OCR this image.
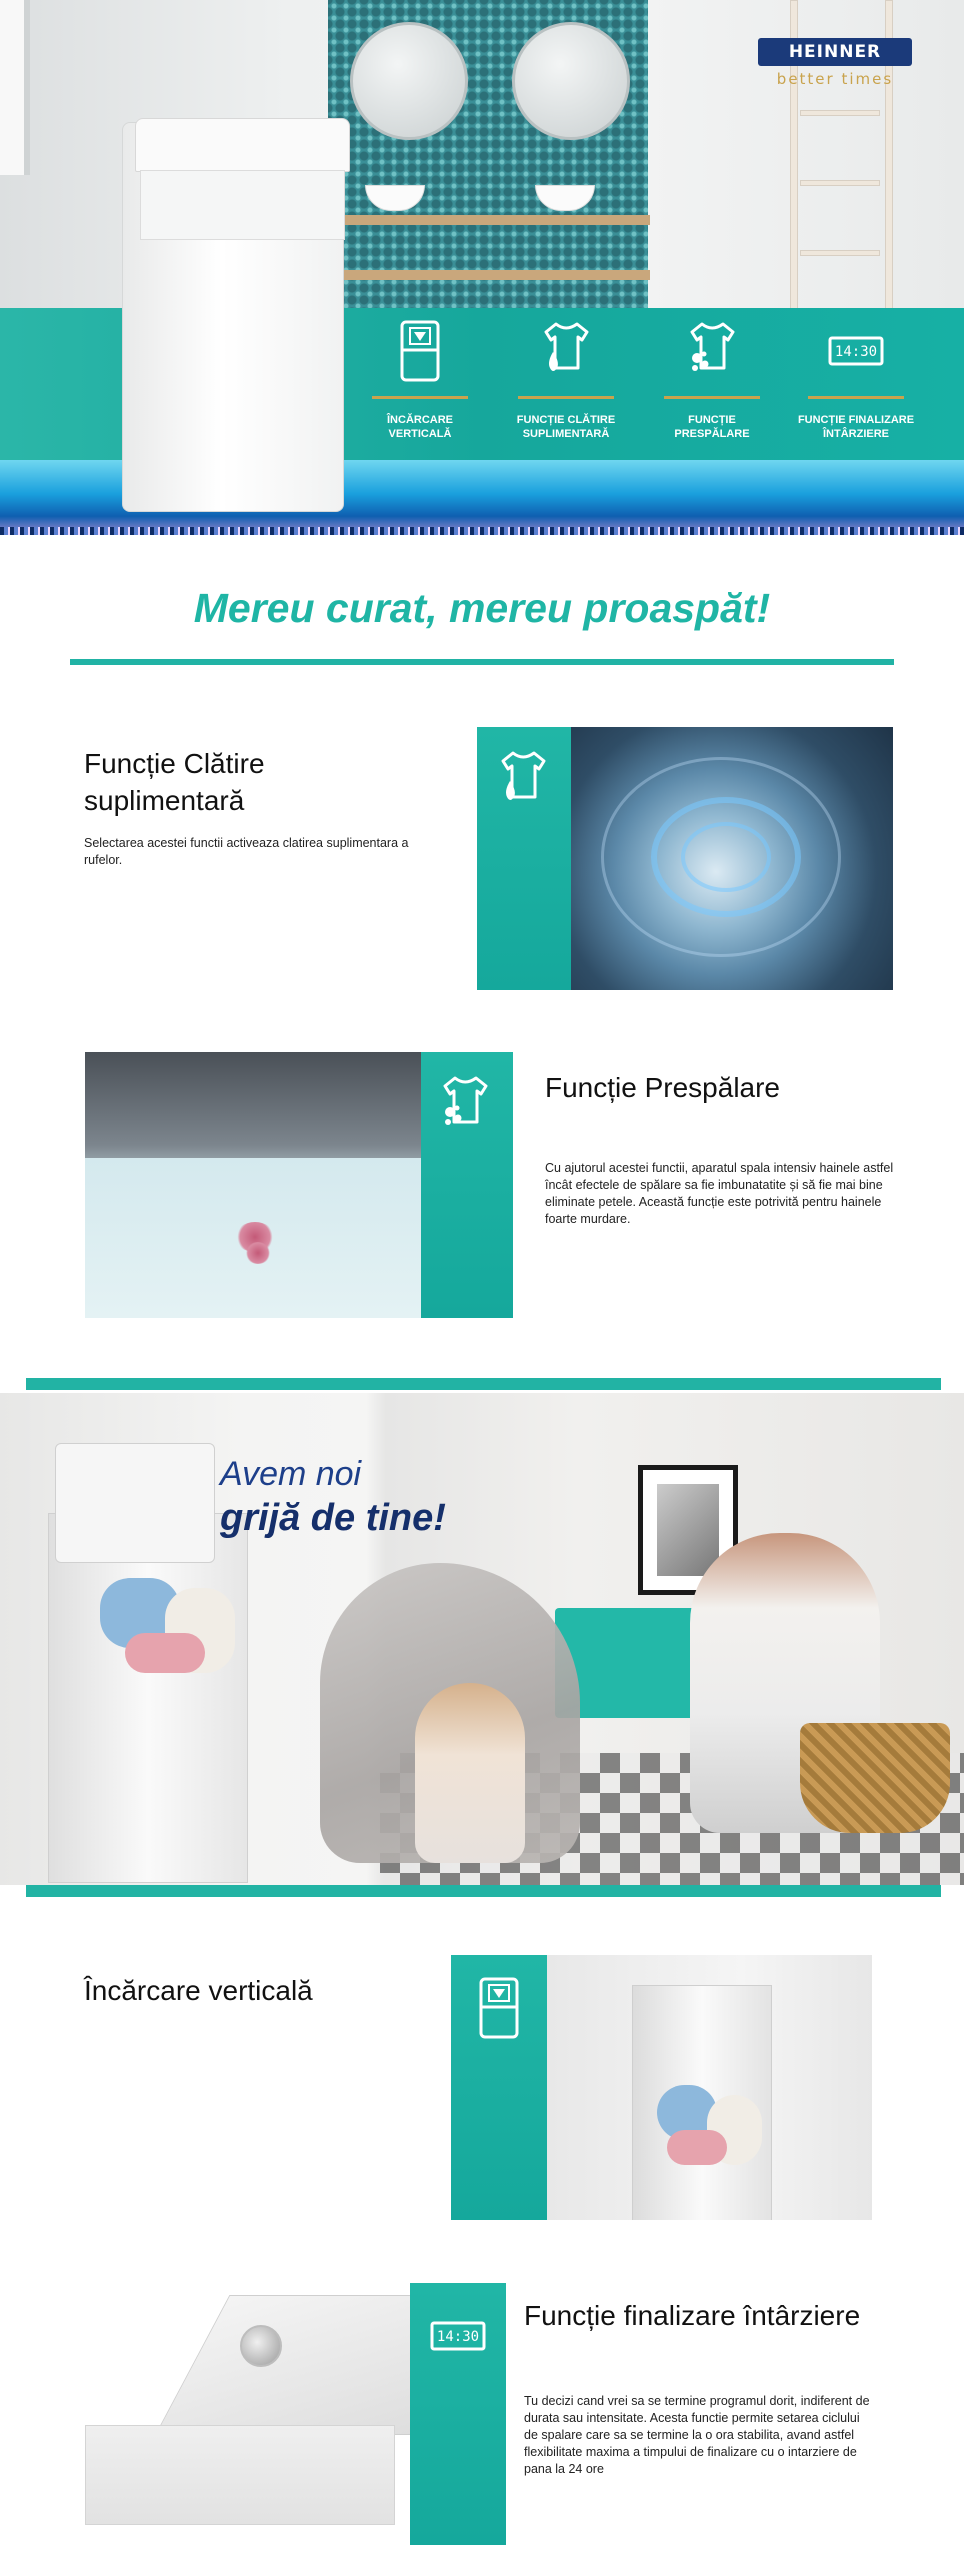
HEINNER
better times
ÎNCĂRCARE VERTICALĂ
FUNCȚIE CLĂTIRE SUPLIMENTARĂ
FUNCȚIE PRESPĂLARE
14:30
FUNCȚIE FINALIZARE ÎNTÂRZIERE
Mereu curat, mereu proaspăt!
Funcție Clătire suplimentară
Selectarea acestei functii activeaza clatirea suplimentara a rufelor.
Funcție Prespălare
Cu ajutorul acestei functii, aparatul spala intensiv hainele astfel încât efectele de spălare sa fie imbunatatite și să fie mai bine eliminate petele. Această funcție este potrivită pentru hainele foarte murdare.
Avem noi
grijă de tine!
Încărcare verticală
14:30
Funcție finalizare întârziere
Tu decizi cand vrei sa se termine programul dorit, indiferent de durata sau intensitate. Acesta functie permite setarea ciclului de spalare care sa se termine la o ora stabilita, avand astfel flexibilitate maxima a timpului de finalizare cu o intarziere de pana la 24 ore
